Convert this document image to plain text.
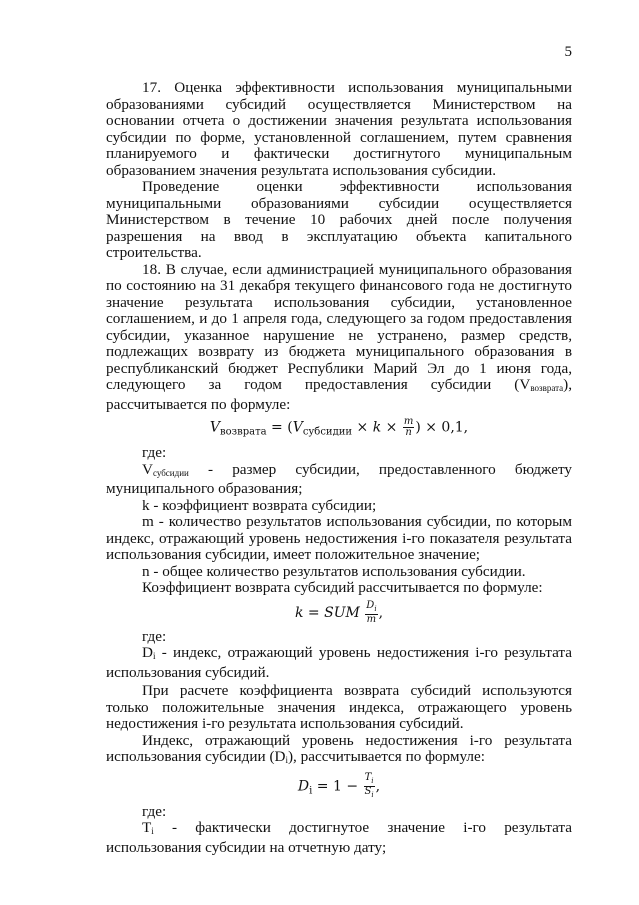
5

17. Оценка эффективности использования муниципальными образованиями субсидий осуществляется Министерством на основании отчета о достижении значения результата использования субсидии по форме, установленной соглашением, путем сравнения планируемого и фактически достигнутого муниципальным образованием значения результата использования субсидии.

Проведение оценки эффективности использования муниципальными образованиями субсидии осуществляется Министерством в течение 10 рабочих дней после получения разрешения на ввод в эксплуатацию объекта капитального строительства.

18. В случае, если администрацией муниципального образования по состоянию на 31 декабря текущего финансового года не достигнуто значение результата использования субсидии, установленное соглашением, и до 1 апреля года, следующего за годом предоставления субсидии, указанное нарушение не устранено, размер средств, подлежащих возврату из бюджета муниципального образования в республиканский бюджет Республики Марий Эл до 1 июня года, следующего за годом предоставления субсидии $(V_{возврата})$, рассчитывается по формуле:

$V_{возврата} = (V_{субсидии} \times k \times \frac{m}{n}$ ) × 0,1,

где:

$V_{субсидии}$ - размер субсидии, предоставленного бюджету муниципального образования;

k - коэффициент возврата субсидии;

m - количество результатов использования субсидии, по которым индекс, отражающий уровень недостижения i-го показателя результата использования субсидии, имеет положительное значение;

n - общее количество результатов использования субсидии.

Коэффициент возврата субсидий рассчитывается по формуле:

k = SUM $\frac{D_i}{m}$ ,

где:

$D_i$ - индекс, отражающий уровень недостижения i-го результата использования субсидий.

При расчете коэффициента возврата субсидий используются только положительные значения индекса, отражающего уровень недостижения i-го результата использования субсидий.

Индекс, отражающий уровень недостижения i-го результата использования субсидии $(D_i)$, рассчитывается по формуле:

$D_i = 1 - \frac{T_i}{S_i}$ ,

где:

$T_i$ - фактически достигнутое значение i-го результата использования субсидии на отчетную дату;
